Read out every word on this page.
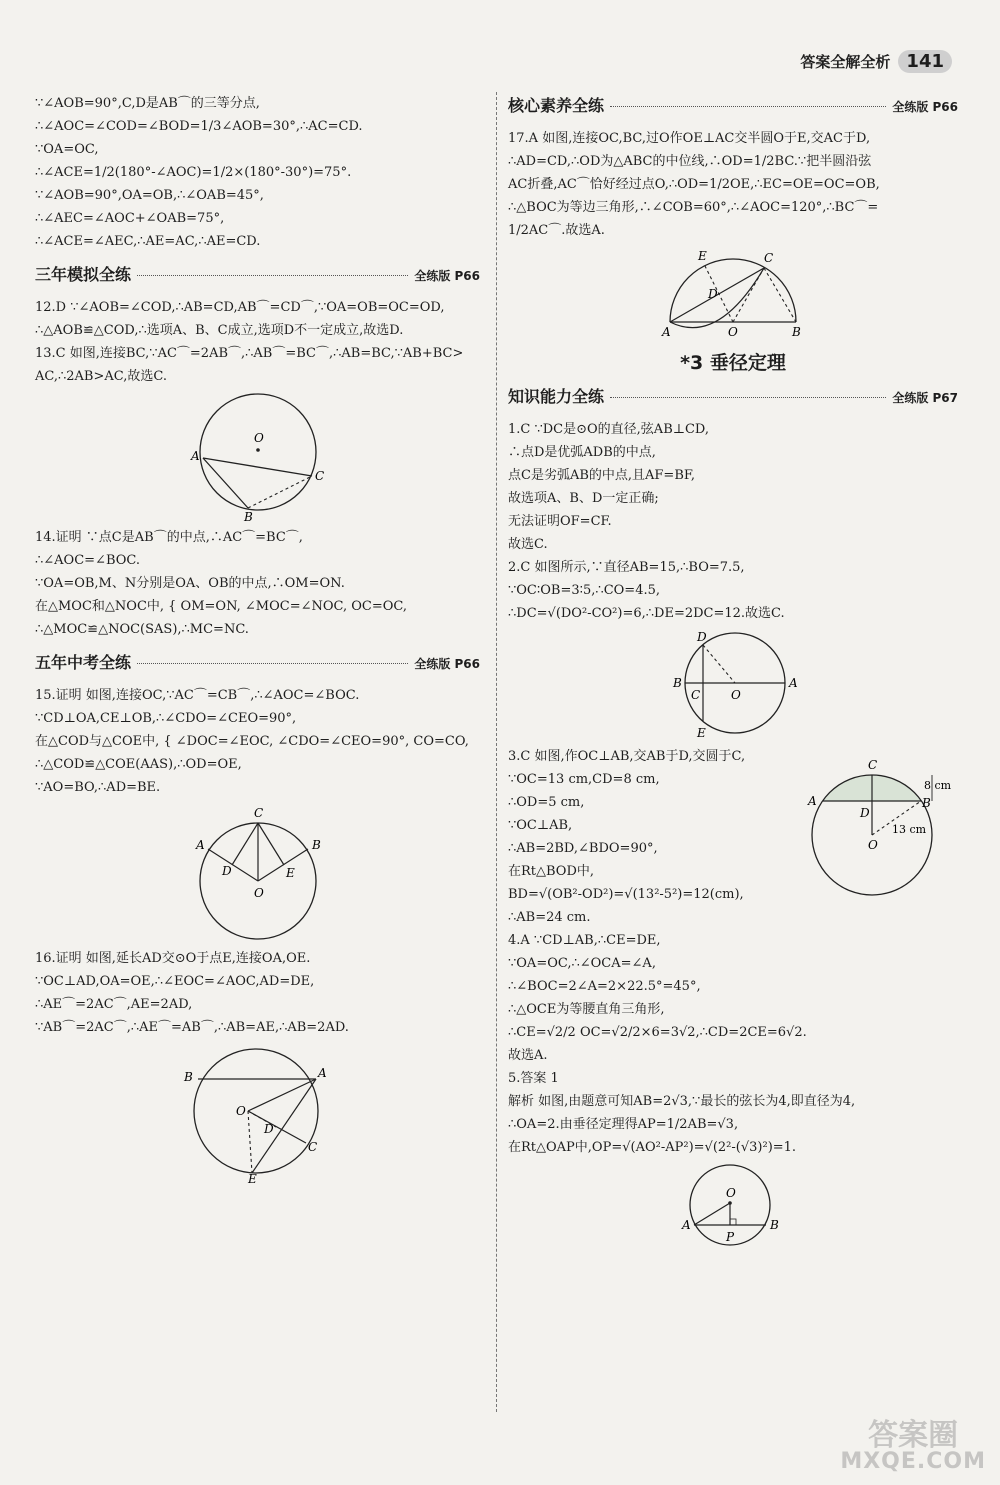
答案全解全析 141
∵∠AOB=90°,C,D是AB⌒的三等分点,
∴∠AOC=∠COD=∠BOD=1/3∠AOB=30°,∴AC=CD.
∵OA=OC,
∴∠ACE=1/2(180°-∠AOC)=1/2×(180°-30°)=75°.
∵∠AOB=90°,OA=OB,∴∠OAB=45°,
∴∠AEC=∠AOC+∠OAB=75°,
∴∠ACE=∠AEC,∴AE=AC,∴AE=CD.
三年模拟全练	全练版 P66
12.D ∵∠AOB=∠COD,∴AB=CD,AB⌒=CD⌒,∵OA=OB=OC=OD,
∴△AOB≌△COD,∴选项A、B、C成立,选项D不一定成立,故选D.
13.C 如图,连接BC,∵AC⌒=2AB⌒,∴AB⌒=BC⌒,∴AB=BC,∵AB+BC>
AC,∴2AB>AC,故选C.
O
A
C
B
14.证明 ∵点C是AB⌒的中点,∴AC⌒=BC⌒,
∴∠AOC=∠BOC.
∵OA=OB,M、N分别是OA、OB的中点,∴OM=ON.
在△MOC和△NOC中, { OM=ON, ∠MOC=∠NOC, OC=OC,
∴△MOC≌△NOC(SAS),∴MC=NC.
五年中考全练	全练版 P66
15.证明 如图,连接OC,∵AC⌒=CB⌒,∴∠AOC=∠BOC.
∵CD⊥OA,CE⊥OB,∴∠CDO=∠CEO=90°,
在△COD与△COE中, { ∠DOC=∠EOC, ∠CDO=∠CEO=90°, CO=CO,
∴△COD≌△COE(AAS),∴OD=OE,
∵AO=BO,∴AD=BE.
C
A	B
D	E
O
16.证明 如图,延长AD交⊙O于点E,连接OA,OE.
∵OC⊥AD,OA=OE,∴∠EOC=∠AOC,AD=DE,
∴AE⌒=2AC⌒,AE=2AD,
∵AB⌒=2AC⌒,∴AE⌒=AB⌒,∴AB=AE,∴AB=2AD.
B	A
O
D
C
E
核心素养全练	全练版 P66
17.A 如图,连接OC,BC,过O作OE⊥AC交半圆O于E,交AC于D,
∴AD=CD,∴OD为△ABC的中位线,∴OD=1/2BC.∵把半圆沿弦
AC折叠,AC⌒恰好经过点O,∴OD=1/2OE,∴EC=OE=OC=OB,
∴△BOC为等边三角形,∴∠COB=60°,∴∠AOC=120°,∴BC⌒=
1/2AC⌒.故选A.
E	C
D
A	O	B
*3 垂径定理
知识能力全练	全练版 P67
1.C ∵DC是⊙O的直径,弦AB⊥CD,
∴点D是优弧ADB的中点,
点C是劣弧AB的中点,且AF=BF,
故选项A、B、D一定正确;
无法证明OF=CF.
故选C.
2.C 如图所示,∵直径AB=15,∴BO=7.5,
∵OC∶OB=3∶5,∴CO=4.5,
∴DC=√(DO²-CO²)=6,∴DE=2DC=12.故选C.
D
B
C	O
A
E
3.C 如图,作OC⊥AB,交AB于D,交圆于C,
∵OC=13 cm,CD=8 cm,
∴OD=5 cm,
∵OC⊥AB,
∴AB=2BD,∠BDO=90°,
在Rt△BOD中,
BD=√(OB²-OD²)=√(13²-5²)=12(cm),
∴AB=24 cm.
C
8 cm
A	B
D
13 cm
O
4.A ∵CD⊥AB,∴CE=DE,
∵OA=OC,∴∠OCA=∠A,
∴∠BOC=2∠A=2×22.5°=45°,
∴△OCE为等腰直角三角形,
∴CE=√2/2 OC=√2/2×6=3√2,∴CD=2CE=6√2.
故选A.
5.答案 1
解析 如图,由题意可知AB=2√3,∵最长的弦长为4,即直径为4,
∴OA=2.由垂径定理得AP=1/2AB=√3,
在Rt△OAP中,OP=√(AO²-AP²)=√(2²-(√3)²)=1.
O
A
P
B
答案圈
MXQE.COM
